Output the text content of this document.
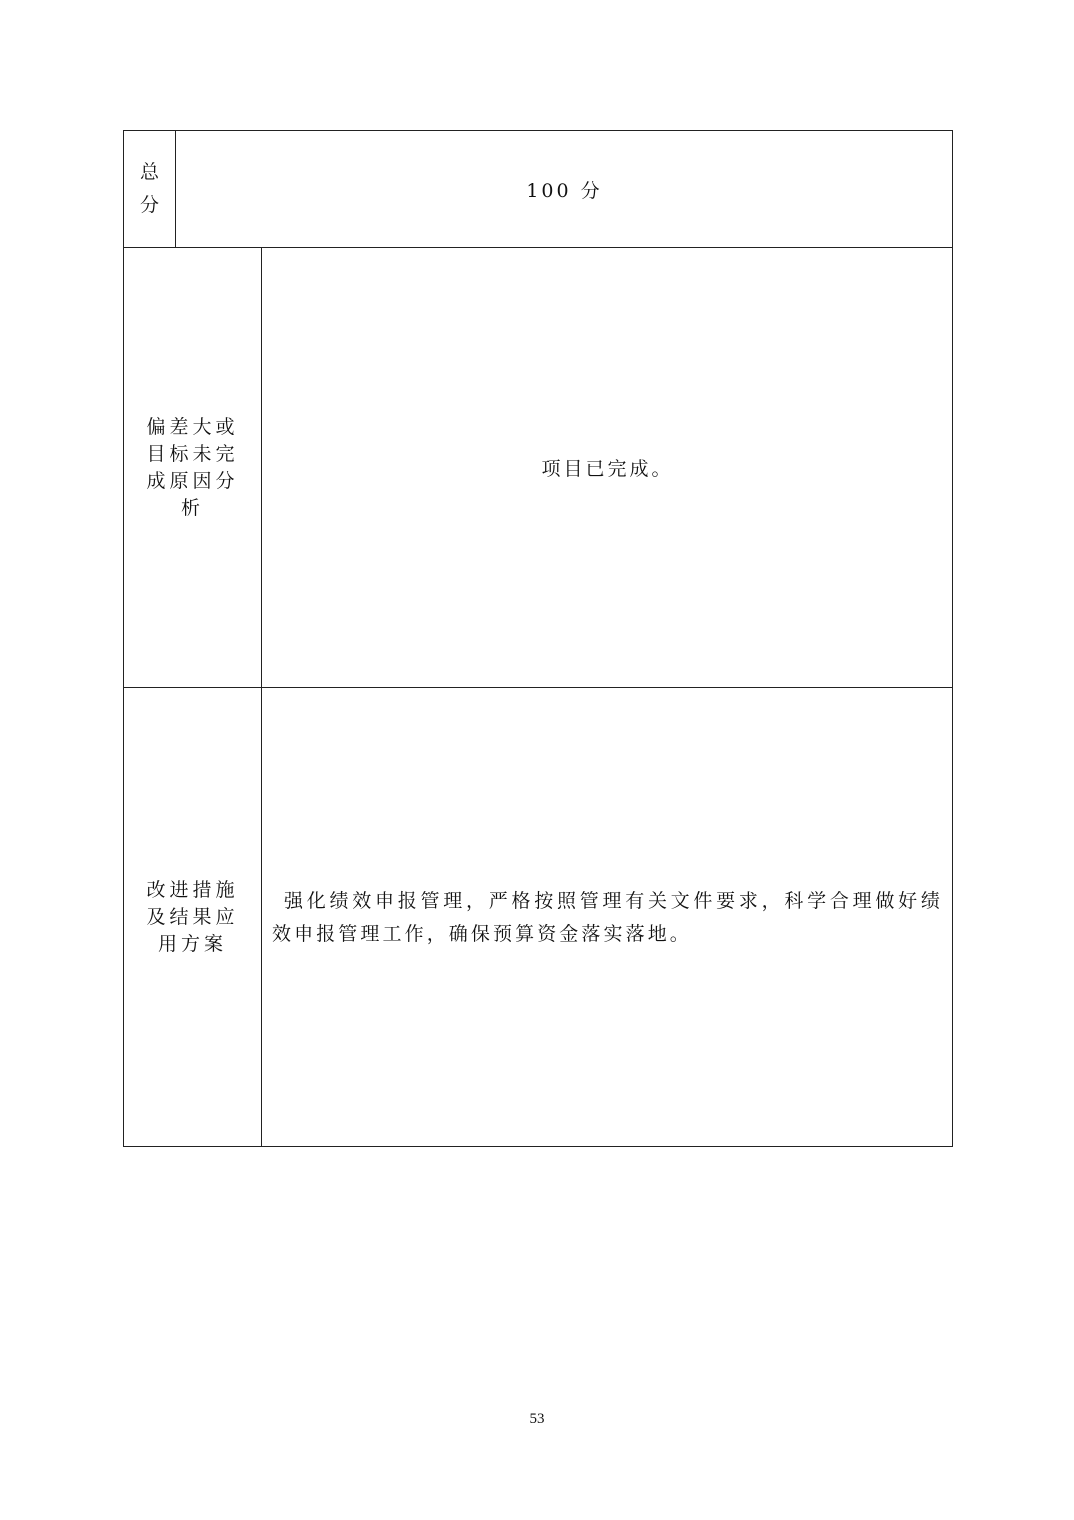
总
分
100 分
偏差大或目标未完成原因分析
项目已完成。
改进措施及结果应用方案
强化绩效申报管理，严格按照管理有关文件要求，科学合理做好绩效申报管理工作，确保预算资金落实落地。
53
